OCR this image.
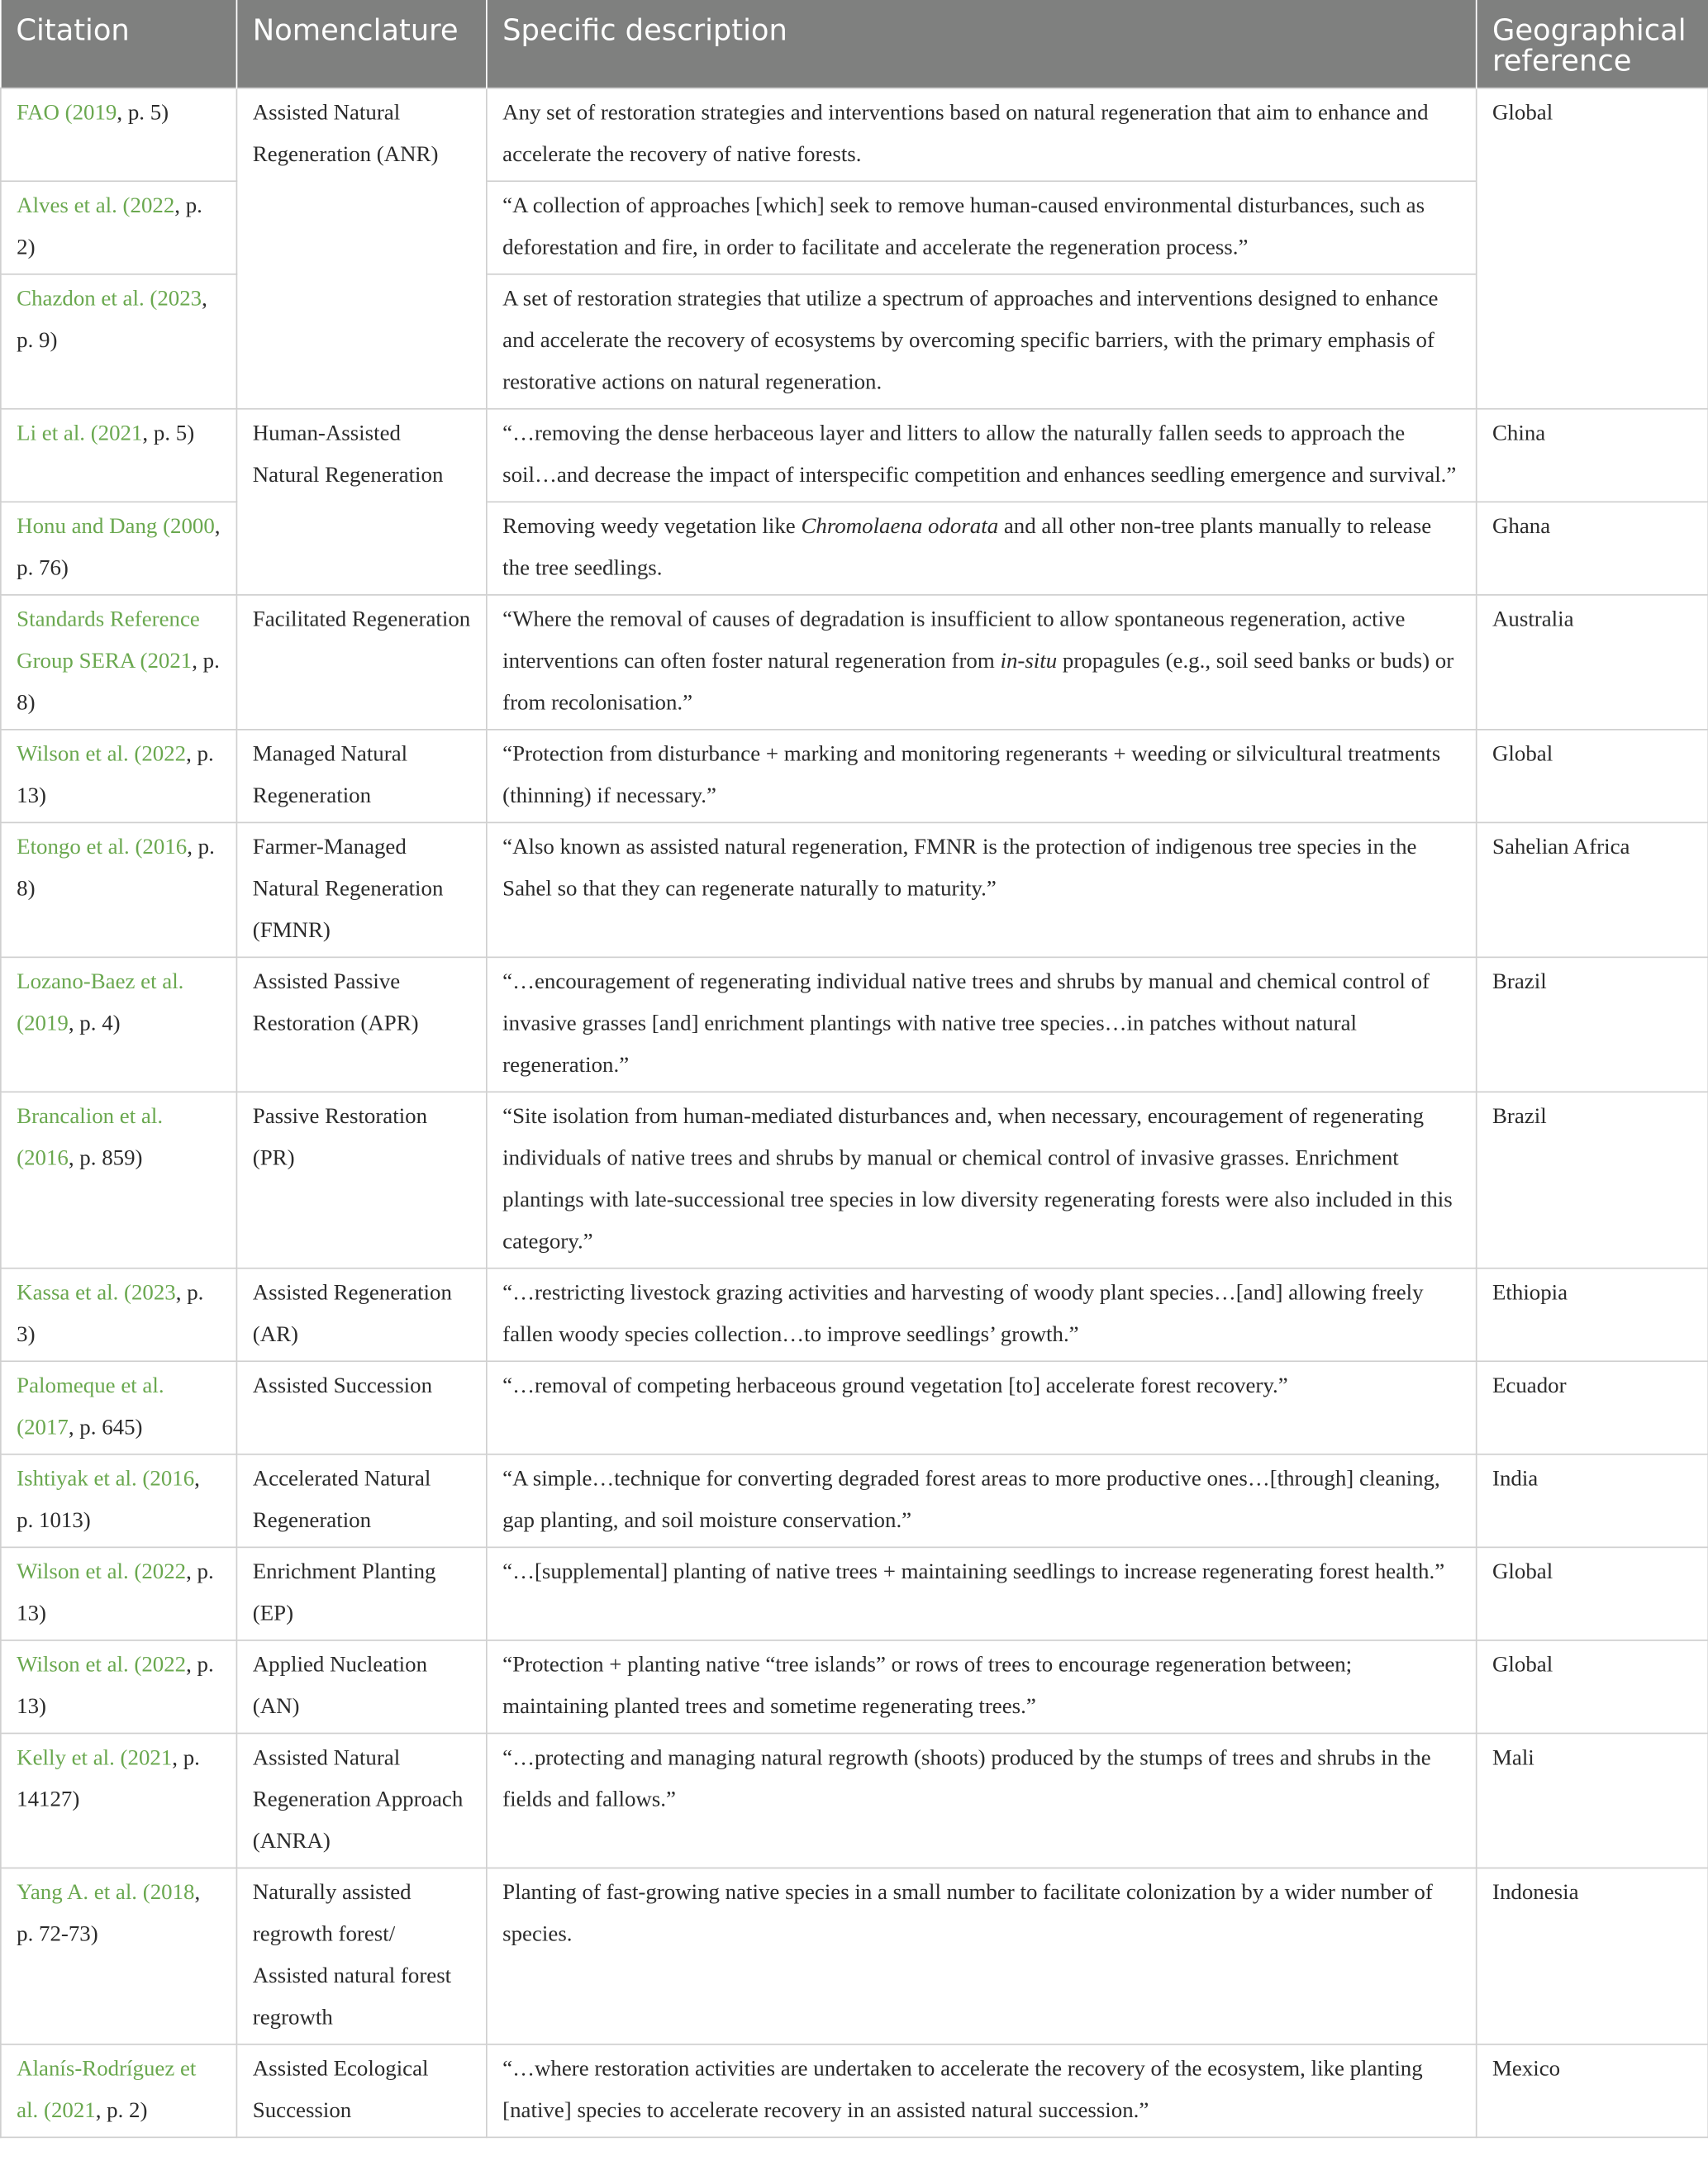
Citation	Nomenclature	Specific description	Geographical reference
FAO (2019, p. 5)	Assisted Natural Regeneration (ANR)	Any set of restoration strategies and interventions based on natural regeneration that aim to enhance and accelerate the recovery of native forests.	Global
Alves et al. (2022, p. 2)		“A collection of approaches [which] seek to remove human-caused environmental disturbances, such as deforestation and fire, in order to facilitate and accelerate the regeneration process.”	
Chazdon et al. (2023, p. 9)		A set of restoration strategies that utilize a spectrum of approaches and interventions designed to enhance and accelerate the recovery of ecosystems by overcoming specific barriers, with the primary emphasis of restorative actions on natural regeneration.	
Li et al. (2021, p. 5)	Human-Assisted Natural Regeneration	“…removing the dense herbaceous layer and litters to allow the naturally fallen seeds to approach the soil…and decrease the impact of interspecific competition and enhances seedling emergence and survival.”	China
Honu and Dang (2000, p. 76)		Removing weedy vegetation like Chromolaena odorata and all other non-tree plants manually to release the tree seedlings.	Ghana
Standards Reference Group SERA (2021, p. 8)	Facilitated Regeneration	“Where the removal of causes of degradation is insufficient to allow spontaneous regeneration, active interventions can often foster natural regeneration from in-situ propagules (e.g., soil seed banks or buds) or from recolonisation.”	Australia
Wilson et al. (2022, p. 13)	Managed Natural Regeneration	“Protection from disturbance + marking and monitoring regenerants + weeding or silvicultural treatments (thinning) if necessary.”	Global
Etongo et al. (2016, p. 8)	Farmer-Managed Natural Regeneration (FMNR)	“Also known as assisted natural regeneration, FMNR is the protection of indigenous tree species in the Sahel so that they can regenerate naturally to maturity.”	Sahelian Africa
Lozano-Baez et al. (2019, p. 4)	Assisted Passive Restoration (APR)	“…encouragement of regenerating individual native trees and shrubs by manual and chemical control of invasive grasses [and] enrichment plantings with native tree species…in patches without natural regeneration.”	Brazil
Brancalion et al. (2016, p. 859)	Passive Restoration (PR)	“Site isolation from human-mediated disturbances and, when necessary, encouragement of regenerating individuals of native trees and shrubs by manual or chemical control of invasive grasses. Enrichment plantings with late-successional tree species in low diversity regenerating forests were also included in this category.”	Brazil
Kassa et al. (2023, p. 3)	Assisted Regeneration (AR)	“…restricting livestock grazing activities and harvesting of woody plant species…[and] allowing freely fallen woody species collection…to improve seedlings’ growth.”	Ethiopia
Palomeque et al. (2017, p. 645)	Assisted Succession	“…removal of competing herbaceous ground vegetation [to] accelerate forest recovery.”	Ecuador
Ishtiyak et al. (2016, p. 1013)	Accelerated Natural Regeneration	“A simple…technique for converting degraded forest areas to more productive ones…[through] cleaning, gap planting, and soil moisture conservation.”	India
Wilson et al. (2022, p. 13)	Enrichment Planting (EP)	“…[supplemental] planting of native trees + maintaining seedlings to increase regenerating forest health.”	Global
Wilson et al. (2022, p. 13)	Applied Nucleation (AN)	“Protection + planting native “tree islands” or rows of trees to encourage regeneration between; maintaining planted trees and sometime regenerating trees.”	Global
Kelly et al. (2021, p. 14127)	Assisted Natural Regeneration Approach (ANRA)	“…protecting and managing natural regrowth (shoots) produced by the stumps of trees and shrubs in the fields and fallows.”	Mali
Yang A. et al. (2018, p. 72-73)	Naturally assisted regrowth forest/ Assisted natural forest regrowth	Planting of fast-growing native species in a small number to facilitate colonization by a wider number of species.	Indonesia
Alanís-Rodríguez et al. (2021, p. 2)	Assisted Ecological Succession	“…where restoration activities are undertaken to accelerate the recovery of the ecosystem, like planting [native] species to accelerate recovery in an assisted natural succession.”	Mexico
